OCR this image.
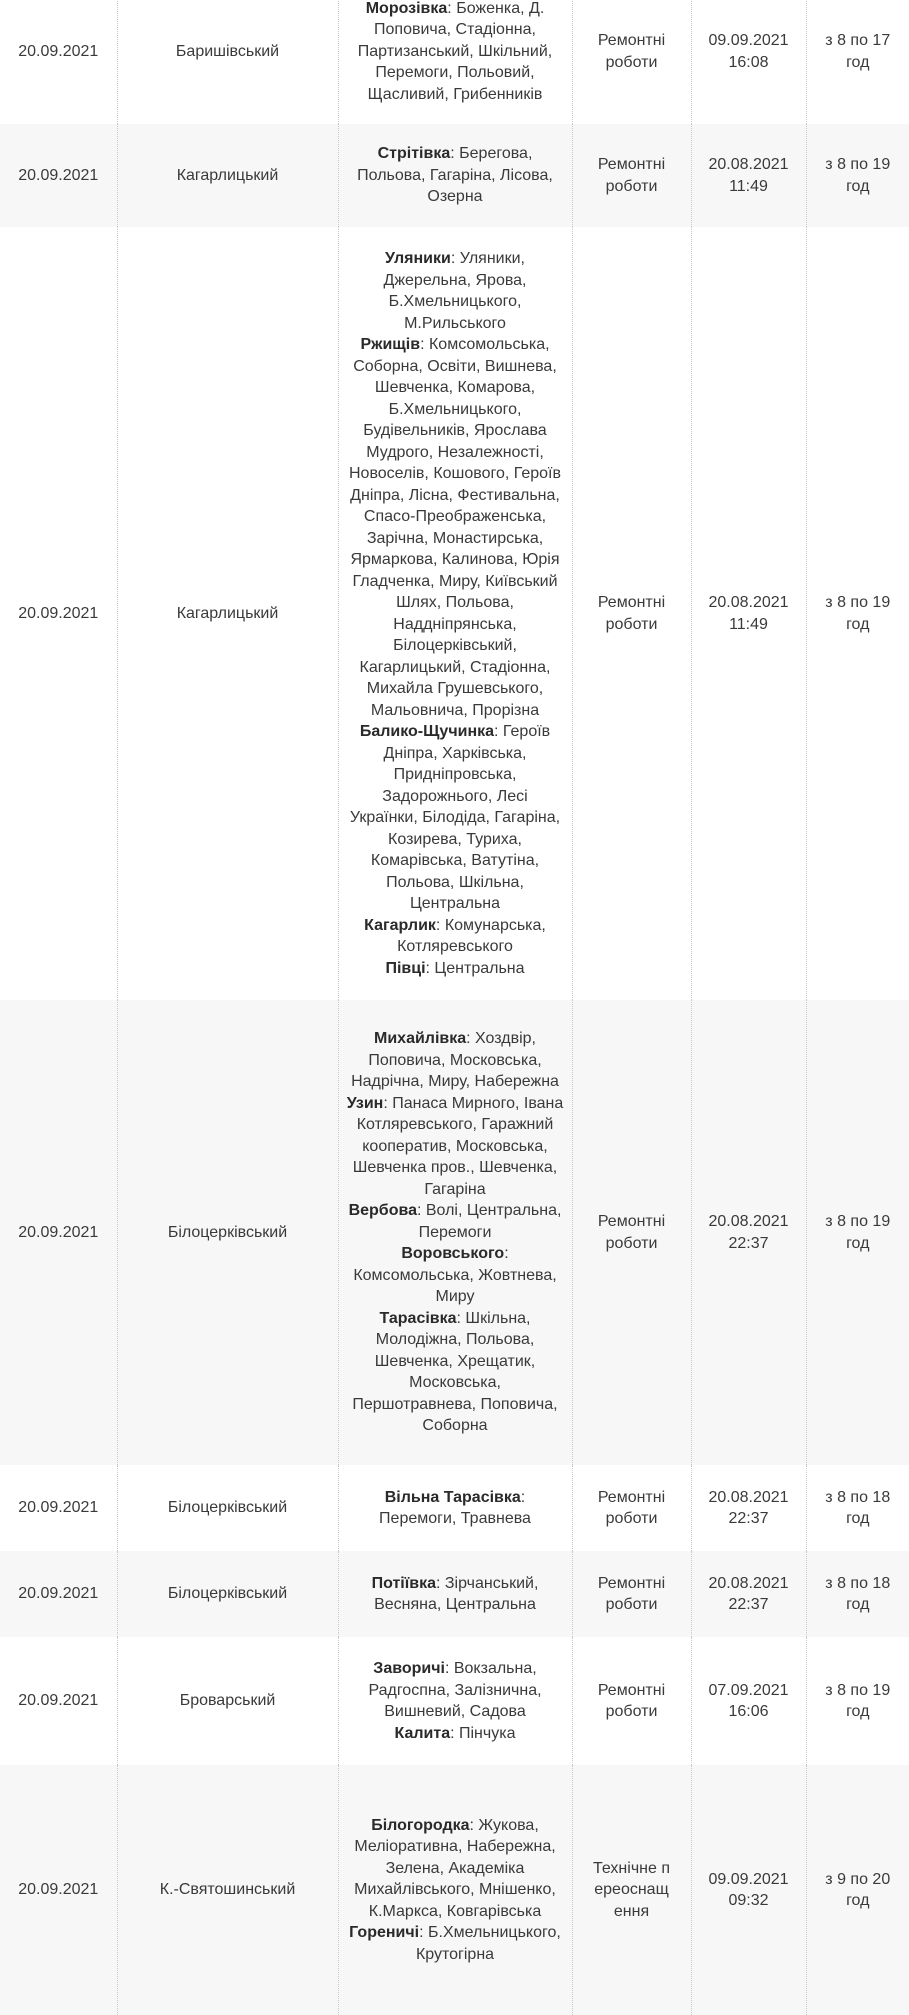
20.09.2021	Баришівський	Морозівка: Боженка, Д. Поповича, Стадіонна, Партизанський, Шкільний, Перемоги, Польовий, Щасливий, Грибенників	Ремонтні роботи	09.09.2021 16:08	з 8 по 17 год

20.09.2021	Кагарлицький	Стрітівка: Берегова, Польова, Гагаріна, Лісова, Озерна	Ремонтні роботи	20.08.2021 11:49	з 8 по 19 год

20.09.2021	Кагарлицький	Уляники: Уляники, Джерельна, Ярова, Б.Хмельницького, М.Рильського
Ржищів: Комсомольська, Соборна, Освіти, Вишнева, Шевченка, Комарова, Б.Хмельницького, Будівельників, Ярослава Мудрого, Незалежності, Новоселів, Кошового, Героїв Дніпра, Лісна, Фестивальна, Спасо-Преображенська, Зарічна, Монастирська, Ярмаркова, Калинова, Юрія Гладченка, Миру, Київський Шлях, Польова, Наддніпрянська, Білоцерківський, Кагарлицький, Стадіонна, Михайла Грушевського, Мальовнича, Прорізна
Балико-Щучинка: Героїв Дніпра, Харківська, Придніпровська, Задорожнього, Лесі Українки, Білодіда, Гагаріна, Козирева, Туриха, Комарівська, Ватутіна, Польова, Шкільна, Центральна
Кагарлик: Комунарська, Котляревського
Півці: Центральна	Ремонтні роботи	20.08.2021 11:49	з 8 по 19 год

20.09.2021	Білоцерківський	Михайлівка: Хоздвір, Поповича, Московська, Надрічна, Миру, Набережна
Узин: Панаса Мирного, Івана Котляревського, Гаражний кооператив, Московська, Шевченка пров., Шевченка, Гагаріна
Вербова: Волі, Центральна, Перемоги
Воровського: Комсомольська, Жовтнева, Миру
Тарасівка: Шкільна, Молодіжна, Польова, Шевченка, Хрещатик, Московська, Першотравнева, Поповича, Соборна	Ремонтні роботи	20.08.2021 22:37	з 8 по 19 год

20.09.2021	Білоцерківський	Вільна Тарасівка: Перемоги, Травнева	Ремонтні роботи	20.08.2021 22:37	з 8 по 18 год

20.09.2021	Білоцерківський	Потіївка: Зірчанський, Весняна, Центральна	Ремонтні роботи	20.08.2021 22:37	з 8 по 18 год

20.09.2021	Броварський	Заворичі: Вокзальна, Радгоспна, Залізнична, Вишневий, Садова
Калита: Пінчука	Ремонтні роботи	07.09.2021 16:06	з 8 по 19 год

20.09.2021	К.-Святошинський	Білогородка: Жукова, Меліоративна, Набережна, Зелена, Академіка Михайлівського, Мнішенко, К.Маркса, Ковгарівська
Гореничі: Б.Хмельницького, Крутогірна	Технічне переоснащення	09.09.2021 09:32	з 9 по 20 год
